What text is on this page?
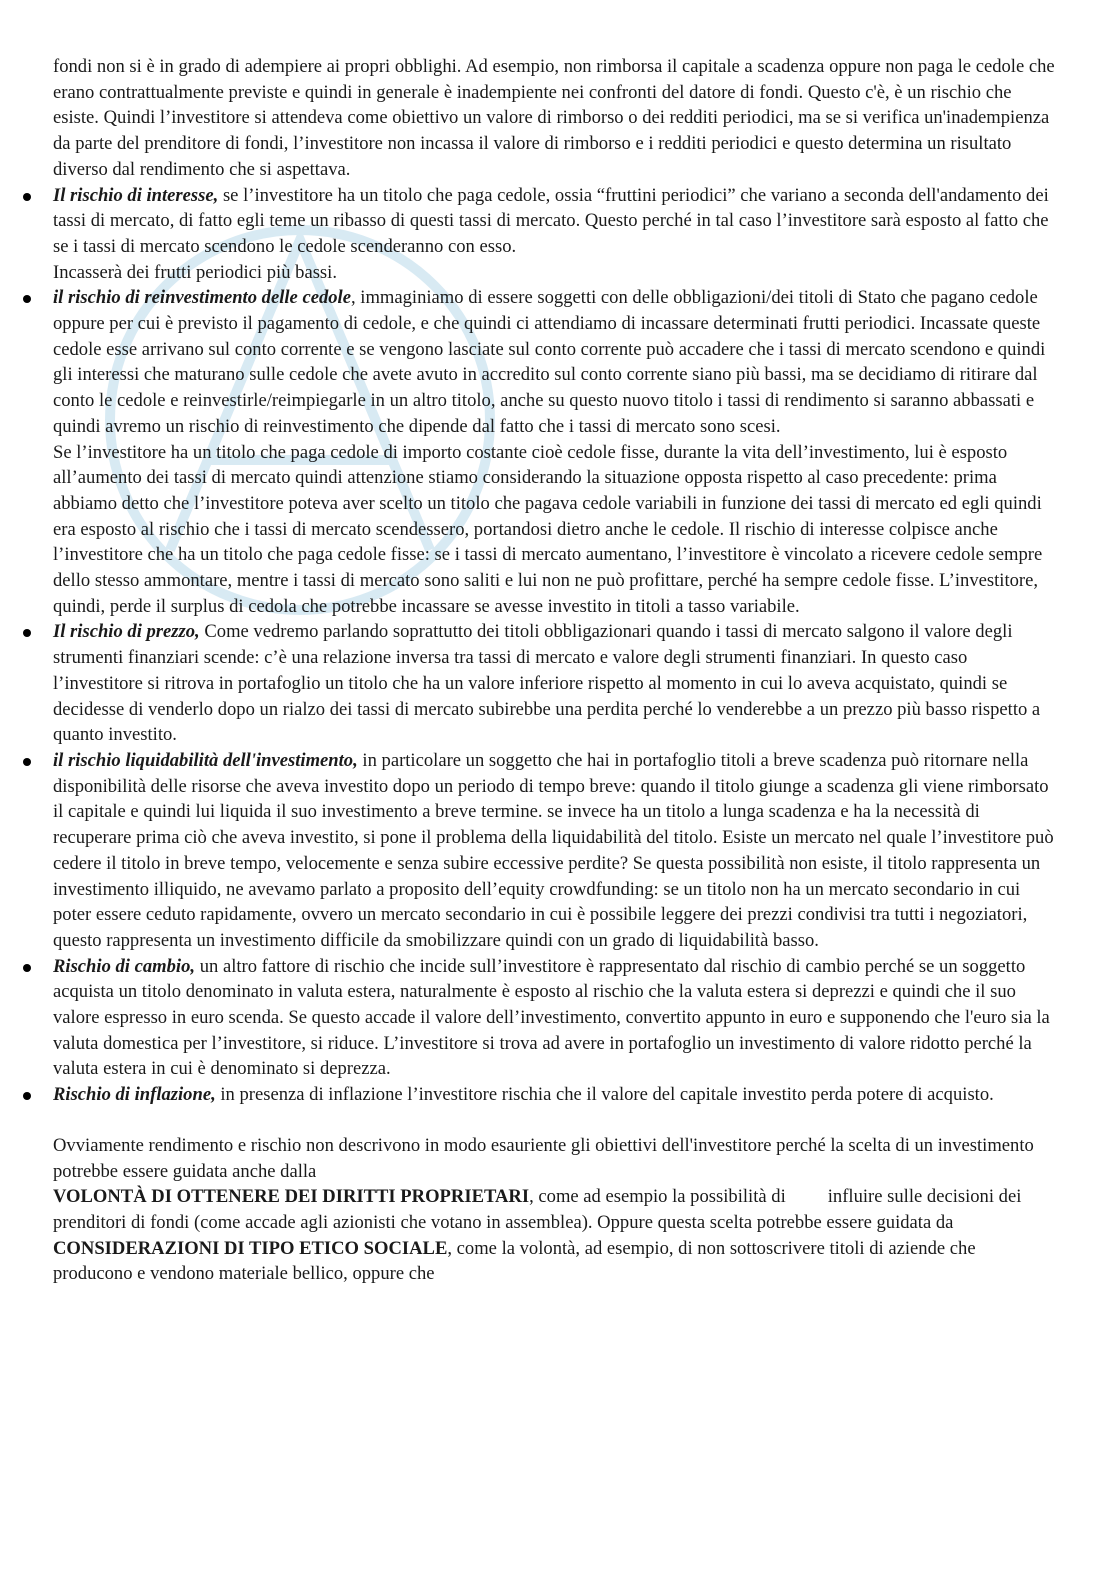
fondi non si è in grado di adempiere ai propri obblighi. Ad esempio, non rimborsa il capitale a scadenza oppure non paga le cedole che erano contrattualmente previste e quindi in generale è inadempiente nei confronti del datore di fondi. Questo c'è, è un rischio che esiste. Quindi l’investitore si attendeva come obiettivo un valore di rimborso o dei redditi periodici, ma se si verifica un'inadempienza da parte del prenditore di fondi, l’investitore non incassa il valore di rimborso e i redditi periodici e questo determina un risultato diverso dal rendimento che si aspettava.

Il rischio di interesse, se l’investitore ha un titolo che paga cedole, ossia “fruttini periodici” che variano a seconda dell'andamento dei tassi di mercato, di fatto egli teme un ribasso di questi tassi di mercato. Questo perché in tal caso l’investitore sarà esposto al fatto che se i tassi di mercato scendono le cedole scenderanno con esso.

Incasserà dei frutti periodici più bassi.

il rischio di reinvestimento delle cedole, immaginiamo di essere soggetti con delle obbligazioni/dei titoli di Stato che pagano cedole oppure per cui è previsto il pagamento di cedole, e che quindi ci attendiamo di incassare determinati frutti periodici. Incassate queste cedole esse arrivano sul conto corrente e se vengono lasciate sul conto corrente può accadere che i tassi di mercato scendono e quindi gli interessi che maturano sulle cedole che avete avuto in accredito sul conto corrente siano più bassi, ma se decidiamo di ritirare dal conto le cedole e reinvestirle/reimpiegarle in un altro titolo, anche su questo nuovo titolo i tassi di rendimento si saranno abbassati e quindi avremo un rischio di reinvestimento che dipende dal fatto che i tassi di mercato sono scesi.

Se l’investitore ha un titolo che paga cedole di importo costante cioè cedole fisse, durante la vita dell’investimento, lui è esposto all’aumento dei tassi di mercato quindi attenzione stiamo considerando la situazione opposta rispetto al caso precedente: prima abbiamo detto che l’investitore poteva aver scelto un titolo che pagava cedole variabili in funzione dei tassi di mercato ed egli quindi era esposto al rischio che i tassi di mercato scendessero, portandosi dietro anche le cedole. Il rischio di interesse colpisce anche l’investitore che ha un titolo che paga cedole fisse: se i tassi di mercato aumentano, l’investitore è vincolato a ricevere cedole sempre dello stesso ammontare, mentre i tassi di mercato sono saliti e lui non ne può profittare, perché ha sempre cedole fisse. L’investitore, quindi, perde il surplus di cedola che potrebbe incassare se avesse investito in titoli a tasso variabile.

Il rischio di prezzo, Come vedremo parlando soprattutto dei titoli obbligazionari quando i tassi di mercato salgono il valore degli strumenti finanziari scende: c’è una relazione inversa tra tassi di mercato e valore degli strumenti finanziari. In questo caso l’investitore si ritrova in portafoglio un titolo che ha un valore inferiore rispetto al momento in cui lo aveva acquistato, quindi se decidesse di venderlo dopo un rialzo dei tassi di mercato subirebbe una perdita perché lo venderebbe a un prezzo più basso rispetto a quanto investito.

il rischio liquidabilità dell'investimento, in particolare un soggetto che hai in portafoglio titoli a breve scadenza può ritornare nella disponibilità delle risorse che aveva investito dopo un periodo di tempo breve: quando il titolo giunge a scadenza gli viene rimborsato il capitale e quindi lui liquida il suo investimento a breve termine. se invece ha un titolo a lunga scadenza e ha la necessità di recuperare prima ciò che aveva investito, si pone il problema della liquidabilità del titolo. Esiste un mercato nel quale l’investitore può cedere il titolo in breve tempo, velocemente e senza subire eccessive perdite? Se questa possibilità non esiste, il titolo rappresenta un investimento illiquido, ne avevamo parlato a proposito dell’equity crowdfunding: se un titolo non ha un mercato secondario in cui poter essere ceduto rapidamente, ovvero un mercato secondario in cui è possibile leggere dei prezzi condivisi tra tutti i negoziatori, questo rappresenta un investimento difficile da smobilizzare quindi con un grado di liquidabilità basso.

Rischio di cambio, un altro fattore di rischio che incide sull’investitore è rappresentato dal rischio di cambio perché se un soggetto acquista un titolo denominato in valuta estera, naturalmente è esposto al rischio che la valuta estera si deprezzi e quindi che il suo valore espresso in euro scenda. Se questo accade il valore dell’investimento, convertito appunto in euro e supponendo che l'euro sia la valuta domestica per l’investitore, si riduce. L’investitore si trova ad avere in portafoglio un investimento di valore ridotto perché la valuta estera in cui è denominato si deprezza.

Rischio di inflazione, in presenza di inflazione l’investitore rischia che il valore del capitale investito perda potere di acquisto.

Ovviamente rendimento e rischio non descrivono in modo esauriente gli obiettivi dell'investitore perché la scelta di un investimento potrebbe essere guidata anche dalla
VOLONTÀ DI OTTENERE DEI DIRITTI PROPRIETARI, come ad esempio la possibilità di influire sulle decisioni dei prenditori di fondi (come accade agli azionisti che votano in assemblea). Oppure questa scelta potrebbe essere guidata da CONSIDERAZIONI DI TIPO ETICO SOCIALE, come la volontà, ad esempio, di non sottoscrivere titoli di aziende cheproducono e vendono materiale bellico, oppure che
